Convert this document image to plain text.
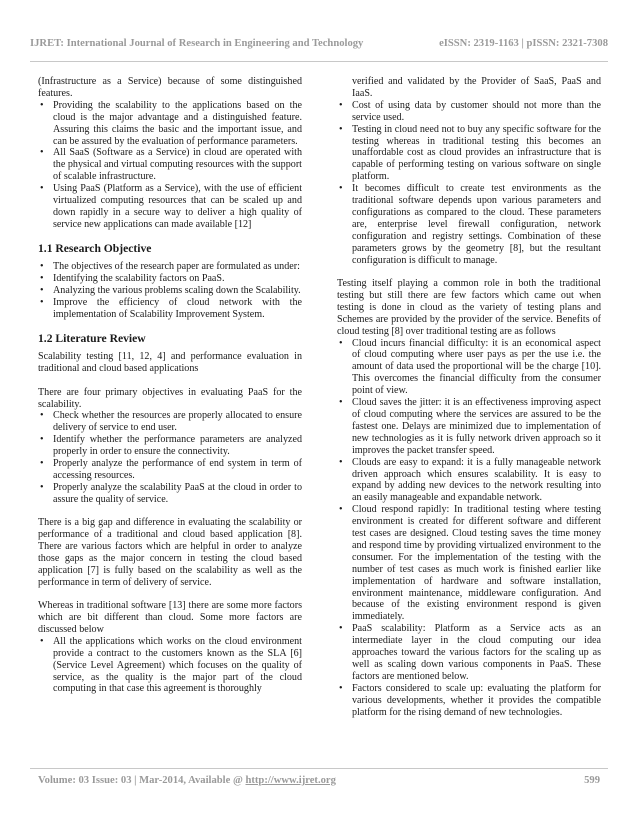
IJRET: International Journal of Research in Engineering and Technology	eISSN: 2319-1163 | pISSN: 2321-7308

(Infrastructure as a Service) because of some distinguished features.

• Providing the scalability to the applications based on the cloud is the major advantage and a distinguished feature. Assuring this claims the basic and the important issue, and can be assured by the evaluation of performance parameters.
• All SaaS (Software as a Service) in cloud are operated with the physical and virtual computing resources with the support of scalable infrastructure.
• Using PaaS (Platform as a Service), with the use of efficient virtualized computing resources that can be scaled up and down rapidly in a secure way to deliver a high quality of service new applications can made available [12]
1.1 Research Objective
• The objectives of the research paper are formulated as under:
• Identifying the scalability factors on PaaS.
• Analyzing the various problems scaling down the Scalability.
• Improve the efficiency of cloud network with the implementation of Scalability Improvement System.
1.2 Literature Review

Scalability testing [11, 12, 4] and performance evaluation in traditional and cloud based applications

There are four primary objectives in evaluating PaaS for the scalability.

• Check whether the resources are properly allocated to ensure delivery of service to end user.
• Identify whether the performance parameters are analyzed properly in order to ensure the connectivity.
• Properly analyze the performance of end system in term of accessing resources.
• Properly analyze the scalability PaaS at the cloud in order to assure the quality of service.

There is a big gap and difference in evaluating the scalability or performance of a traditional and cloud based application [8]. There are various factors which are helpful in order to analyze those gaps as the major concern in testing the cloud based application [7] is fully based on the scalability as well as the performance in term of delivery of service.

Whereas in traditional software [13] there are some more factors which are bit different than cloud. Some more factors are discussed below

• All the applications which works on the cloud environment provide a contract to the customers known as the SLA [6] (Service Level Agreement) which focuses on the quality of service, as the quality is the major part of the cloud computing in that case this agreement is thoroughly

verified and validated by the Provider of SaaS, PaaS and IaaS.

• Cost of using data by customer should not more than the service used.
• Testing in cloud need not to buy any specific software for the testing whereas in traditional testing this becomes an unaffordable cost as cloud provides an infrastructure that is capable of performing testing on various software on single platform.
• It becomes difficult to create test environments as the traditional software depends upon various parameters and configurations as compared to the cloud. These parameters are, enterprise level firewall configuration, network configuration and registry settings. Combination of these parameters grows by the geometry [8], but the resultant configuration is difficult to manage.

Testing itself playing a common role in both the traditional testing but still there are few factors which came out when testing is done in cloud as the variety of testing plans and Schemes are provided by the provider of the service. Benefits of cloud testing [8] over traditional testing are as follows

• Cloud incurs financial difficulty: it is an economical aspect of cloud computing where user pays as per the use i.e. the amount of data used the proportional will be the charge [10]. This overcomes the financial difficulty from the consumer point of view.
• Cloud saves the jitter: it is an effectiveness improving aspect of cloud computing where the services are assured to be the fastest one. Delays are minimized due to implementation of new technologies as it is fully network driven approach so it improves the packet transfer speed.
• Clouds are easy to expand: it is a fully manageable network driven approach which ensures scalability. It is easy to expand by adding new devices to the network resulting into an easily manageable and expandable network.
• Cloud respond rapidly: In traditional testing where testing environment is created for different software and different test cases are designed. Cloud testing saves the time money and respond time by providing virtualized environment to the consumer. For the implementation of the testing with the number of test cases as much work is finished earlier like implementation of hardware and software installation, environment maintenance, middleware configuration. And because of the existing environment respond is given immediately.
• PaaS scalability: Platform as a Service acts as an intermediate layer in the cloud computing our idea approaches toward the various factors for the scaling up as well as scaling down various components in PaaS. These factors are mentioned below.
• Factors considered to scale up: evaluating the platform for various developments, whether it provides the compatible platform for the rising demand of new technologies.
Volume: 03 Issue: 03 | Mar-2014, Available @ http://www.ijret.org	599
